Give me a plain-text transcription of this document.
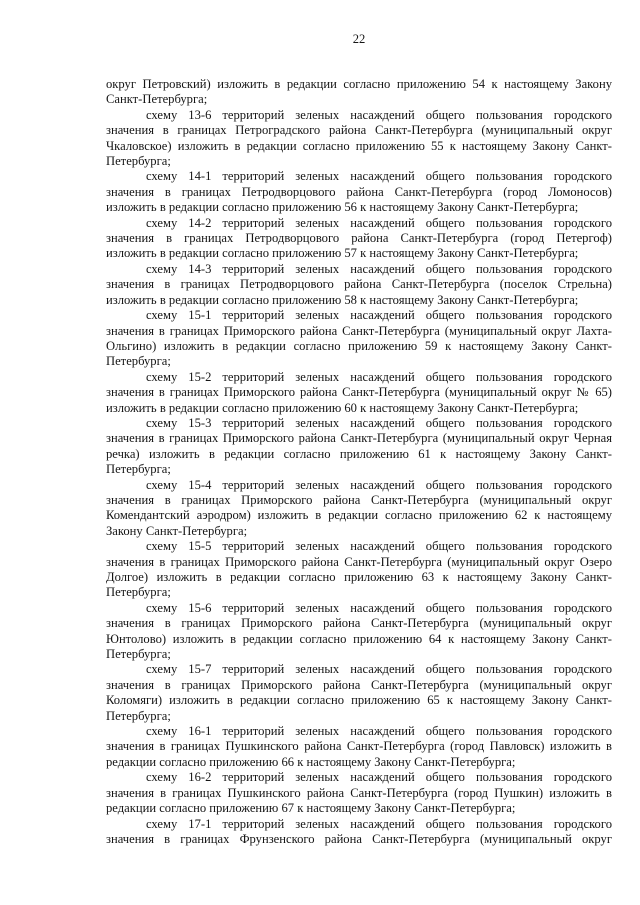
22
округ Петровский) изложить в редакции согласно приложению 54 к настоящему Закону
Санкт-Петербурга;
схему 13-6 территорий зеленых насаждений общего пользования городского
значения в границах Петроградского района Санкт-Петербурга (муниципальный округ
Чкаловское) изложить в редакции согласно приложению 55 к настоящему Закону Санкт-
Петербурга;
схему 14-1 территорий зеленых насаждений общего пользования городского
значения в границах Петродворцового района Санкт-Петербурга (город Ломоносов)
изложить в редакции согласно приложению 56 к настоящему Закону Санкт-Петербурга;
схему 14-2 территорий зеленых насаждений общего пользования городского
значения в границах Петродворцового района Санкт-Петербурга (город Петергоф)
изложить в редакции согласно приложению 57 к настоящему Закону Санкт-Петербурга;
схему 14-3 территорий зеленых насаждений общего пользования городского
значения в границах Петродворцового района Санкт-Петербурга (поселок Стрельна)
изложить в редакции согласно приложению 58 к настоящему Закону Санкт-Петербурга;
схему 15-1 территорий зеленых насаждений общего пользования городского
значения в границах Приморского района Санкт-Петербурга (муниципальный округ Лахта-
Ольгино) изложить в редакции согласно приложению 59 к настоящему Закону Санкт-
Петербурга;
схему 15-2 территорий зеленых насаждений общего пользования городского
значения в границах Приморского района Санкт-Петербурга (муниципальный округ № 65)
изложить в редакции согласно приложению 60 к настоящему Закону Санкт-Петербурга;
схему 15-3 территорий зеленых насаждений общего пользования городского
значения в границах Приморского района Санкт-Петербурга (муниципальный округ Черная
речка) изложить в редакции согласно приложению 61 к настоящему Закону Санкт-
Петербурга;
схему 15-4 территорий зеленых насаждений общего пользования городского
значения в границах Приморского района Санкт-Петербурга (муниципальный округ
Комендантский аэродром) изложить в редакции согласно приложению 62 к настоящему
Закону Санкт-Петербурга;
схему 15-5 территорий зеленых насаждений общего пользования городского
значения в границах Приморского района Санкт-Петербурга (муниципальный округ Озеро
Долгое) изложить в редакции согласно приложению 63 к настоящему Закону Санкт-
Петербурга;
схему 15-6 территорий зеленых насаждений общего пользования городского
значения в границах Приморского района Санкт-Петербурга (муниципальный округ
Юнтолово) изложить в редакции согласно приложению 64 к настоящему Закону Санкт-
Петербурга;
схему 15-7 территорий зеленых насаждений общего пользования городского
значения в границах Приморского района Санкт-Петербурга (муниципальный округ
Коломяги) изложить в редакции согласно приложению 65 к настоящему Закону Санкт-
Петербурга;
схему 16-1 территорий зеленых насаждений общего пользования городского
значения в границах Пушкинского района Санкт-Петербурга (город Павловск) изложить в
редакции согласно приложению 66 к настоящему Закону Санкт-Петербурга;
схему 16-2 территорий зеленых насаждений общего пользования городского
значения в границах Пушкинского района Санкт-Петербурга (город Пушкин) изложить в
редакции согласно приложению 67 к настоящему Закону Санкт-Петербурга;
схему 17-1 территорий зеленых насаждений общего пользования городского
значения в границах Фрунзенского района Санкт-Петербурга (муниципальный округ
